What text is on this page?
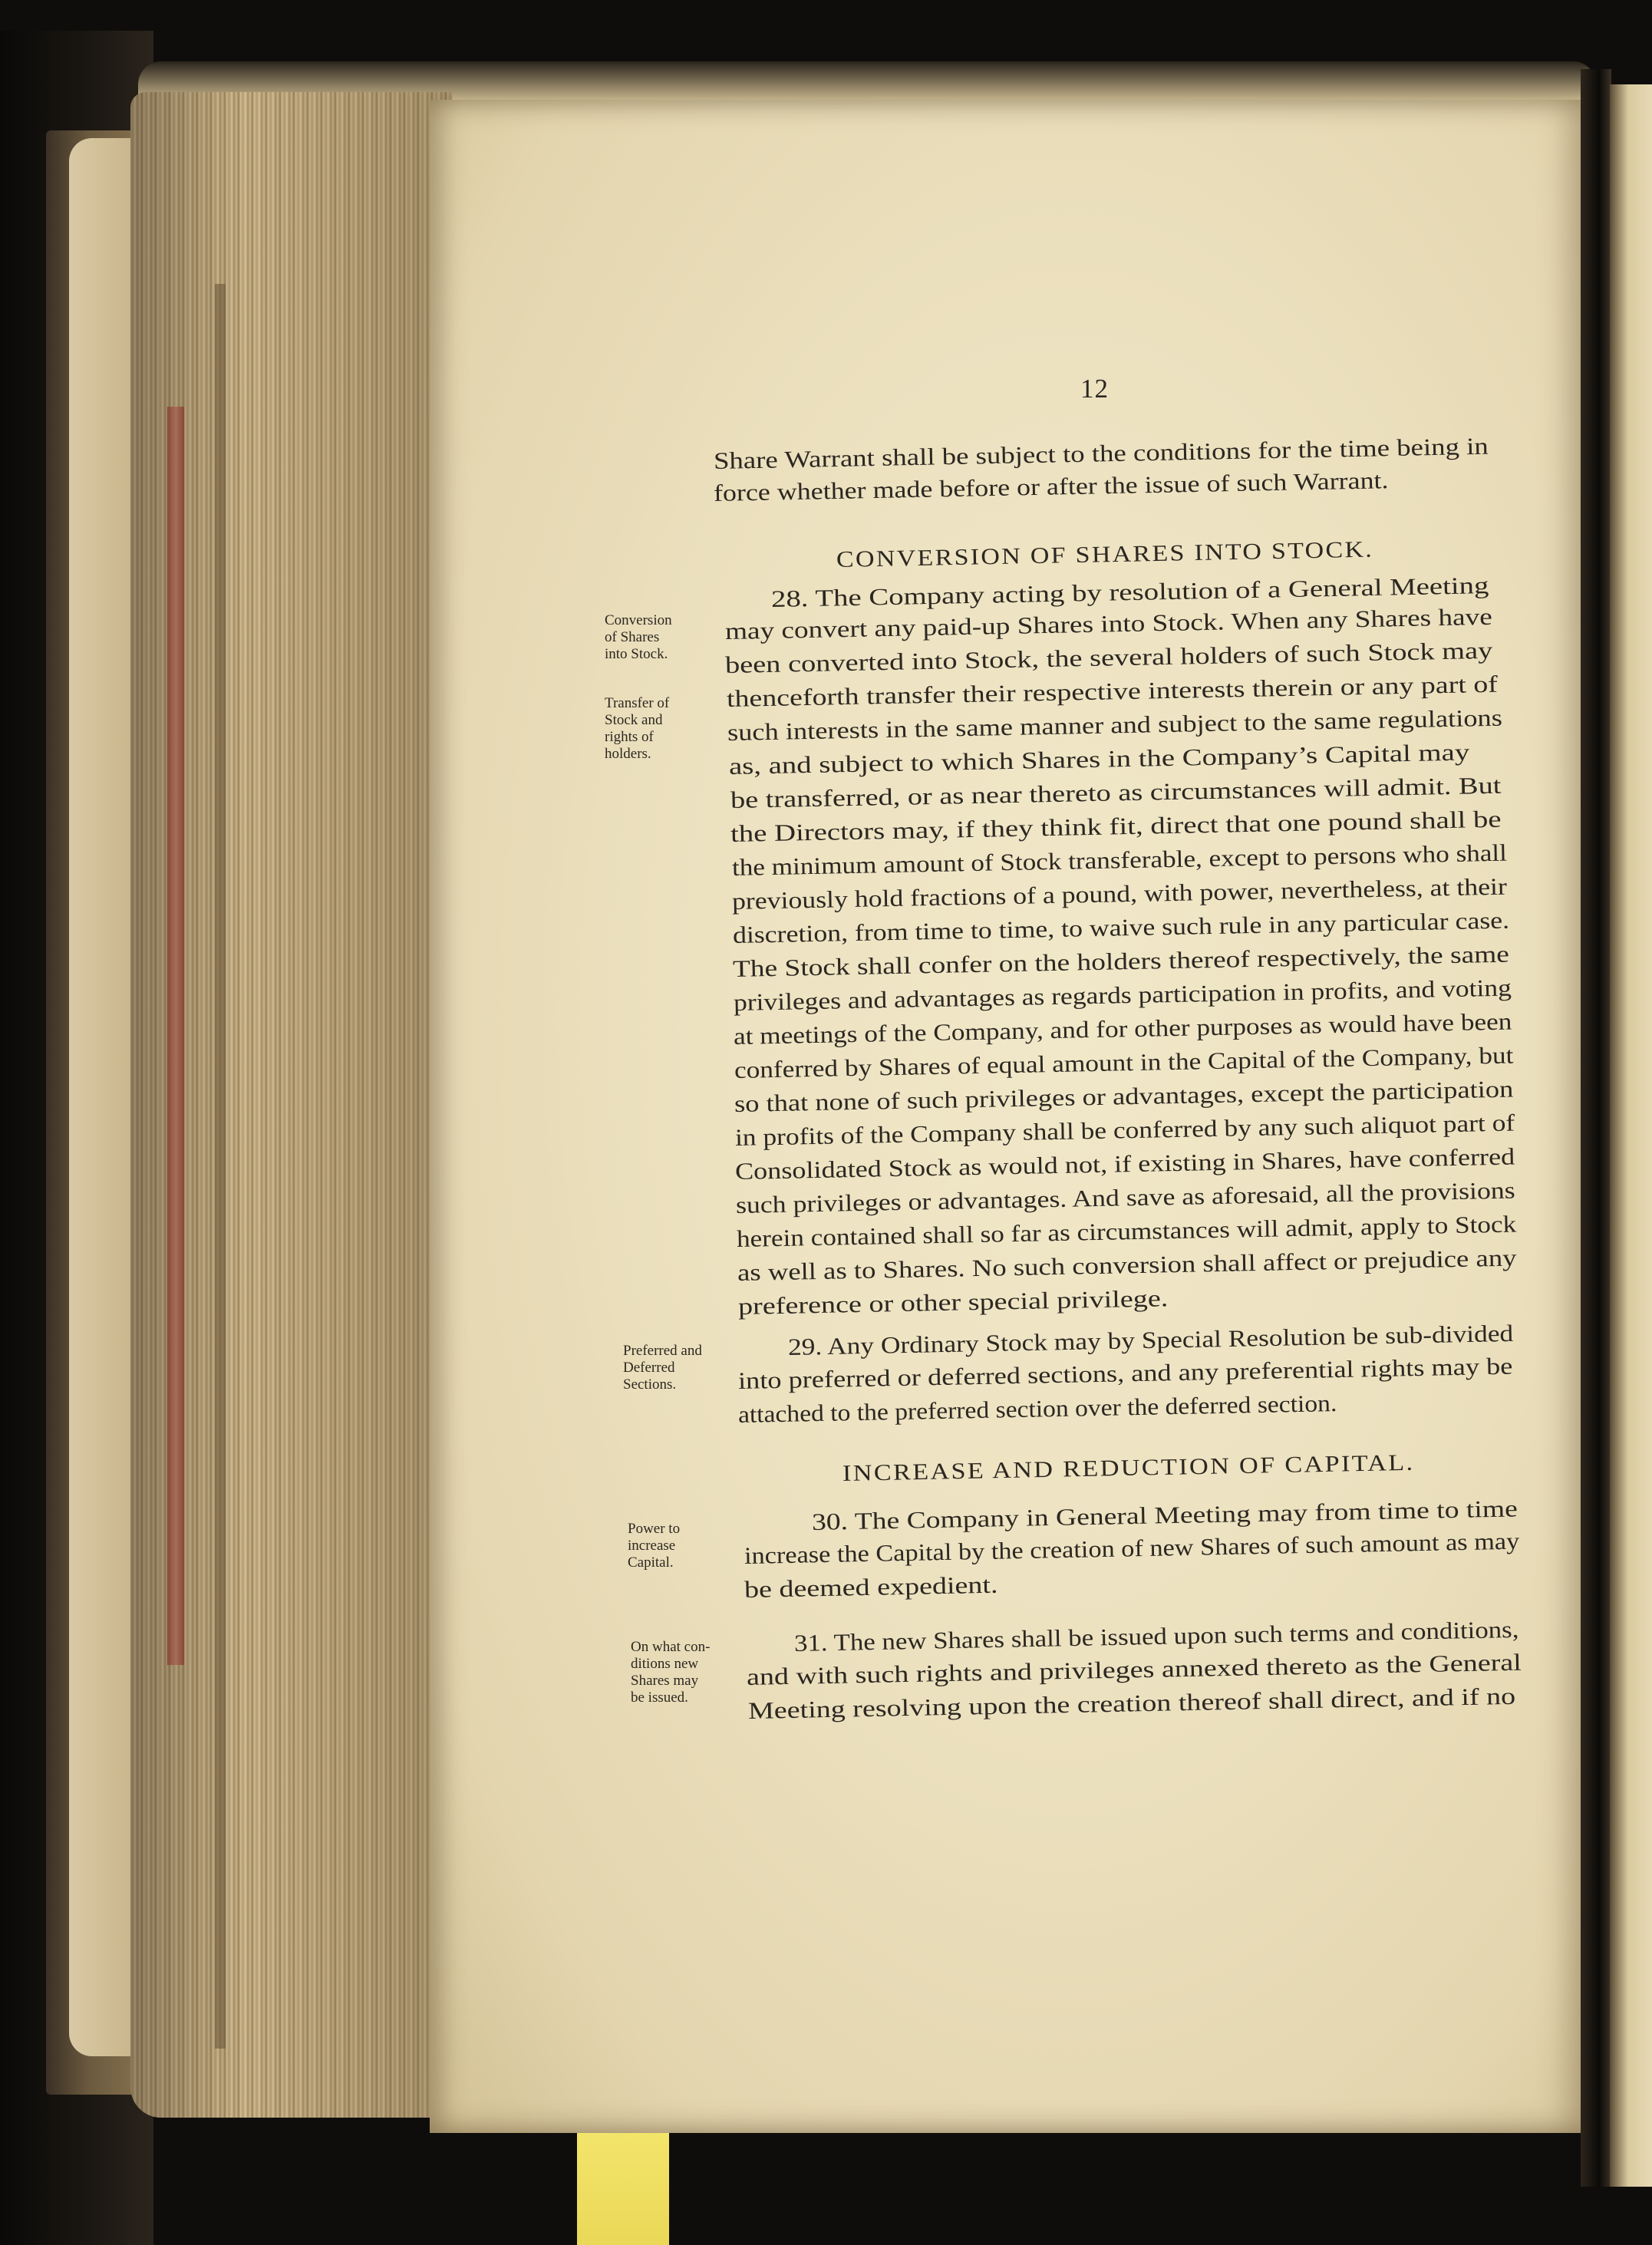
12
Share Warrant shall be subject to the conditions for the time being in
force whether made before or after the issue of such Warrant.
CONVERSION OF SHARES INTO STOCK.
28. The Company acting by resolution of a General Meeting
may convert any paid-up Shares into Stock. When any Shares have
been converted into Stock, the several holders of such Stock may
thenceforth transfer their respective interests therein or any part of
such interests in the same manner and subject to the same regulations
as, and subject to which Shares in the Company’s Capital may
be transferred, or as near thereto as circumstances will admit. But
the Directors may, if they think fit, direct that one pound shall be
the minimum amount of Stock transferable, except to persons who shall
previously hold fractions of a pound, with power, nevertheless, at their
discretion, from time to time, to waive such rule in any particular case.
The Stock shall confer on the holders thereof respectively, the same
privileges and advantages as regards participation in profits, and voting
at meetings of the Company, and for other purposes as would have been
conferred by Shares of equal amount in the Capital of the Company, but
so that none of such privileges or advantages, except the participation
in profits of the Company shall be conferred by any such aliquot part of
Consolidated Stock as would not, if existing in Shares, have conferred
such privileges or advantages. And save as aforesaid, all the provisions
herein contained shall so far as circumstances will admit, apply to Stock
as well as to Shares. No such conversion shall affect or prejudice any
preference or other special privilege.
Conversion
of Shares
into Stock.
Transfer of
Stock and
rights of
holders.
29. Any Ordinary Stock may by Special Resolution be sub-divided
into preferred or deferred sections, and any preferential rights may be
attached to the preferred section over the deferred section.
Preferred and
Deferred
Sections.
INCREASE AND REDUCTION OF CAPITAL.
30. The Company in General Meeting may from time to time
increase the Capital by the creation of new Shares of such amount as may
be deemed expedient.
Power to
increase
Capital.
31. The new Shares shall be issued upon such terms and conditions,
and with such rights and privileges annexed thereto as the General
Meeting resolving upon the creation thereof shall direct, and if no
On what con-
ditions new
Shares may
be issued.
